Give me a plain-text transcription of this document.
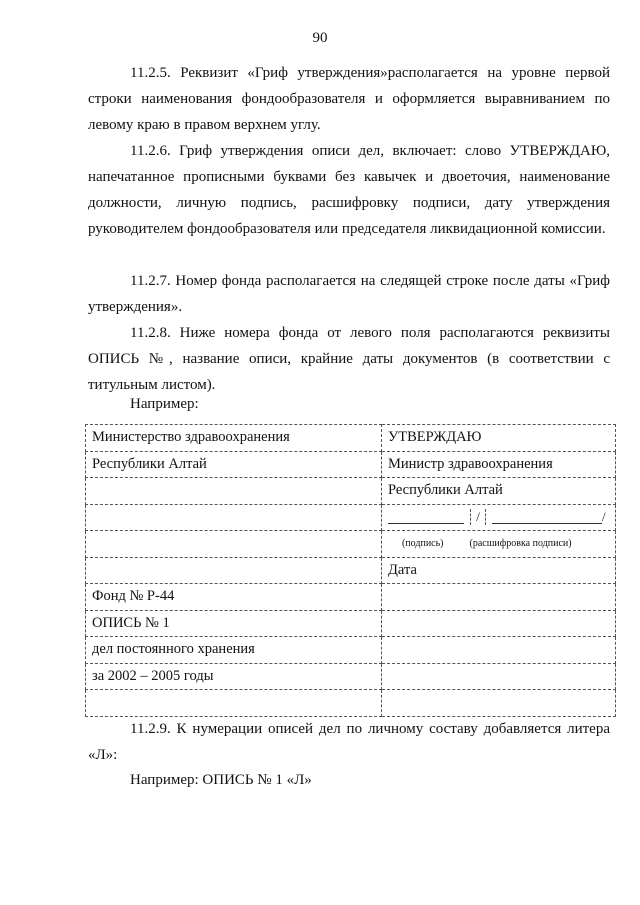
90

11.2.5. Реквизит «Гриф утверждения»располагается на уровне первой строки наименования фондообразователя и оформляется выравниванием по левому краю в правом верхнем углу.

11.2.6. Гриф утверждения описи дел, включает: слово УТВЕРЖДАЮ, напечатанное прописными буквами без кавычек и двоеточия, наименование должности, личную подпись, расшифровку подписи, дату утверждения руководителем фондообразователя или председателя ликвидационной комиссии.

11.2.7. Номер фонда располагается на следящей строке после даты «Гриф утверждения».

11.2.8. Ниже номера фонда от левого поля располагаются реквизиты ОПИСЬ №, название описи, крайние даты документов (в соответствии с титульным листом).

Например:
Министерство здравоохранения	УТВЕРЖДАЮ
Республики Алтай	Министр здравоохранения
	Республики Алтай

	/ /

	(подпись) (расшифровка подписи)

	Дата
Фонд № Р-44	
ОПИСЬ № 1	
дел постоянного хранения	
за 2002 – 2005 годы	

11.2.9. К нумерации описей дел по личному составу добавляется литера «Л»:

Например: ОПИСЬ № 1 «Л»
